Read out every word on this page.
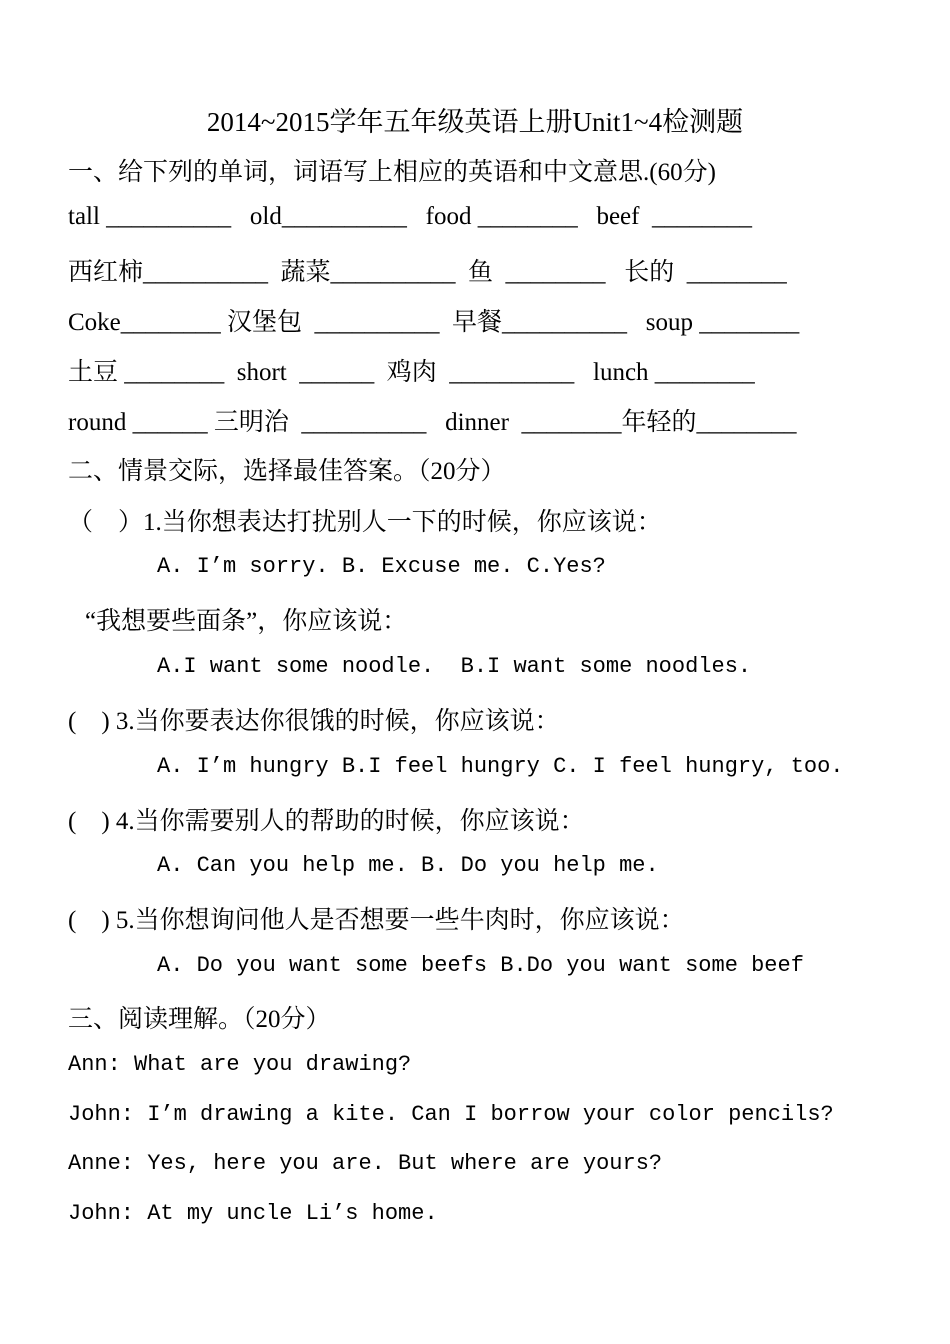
2014~2015学年五年级英语上册Unit1~4检测题
一、给下列的单词，词语写上相应的英语和中文意思.(60分)
tall __________   old__________   food ________   beef  ________
西红柿__________  蔬菜__________  鱼  ________   长的  ________
Coke________ 汉堡包  __________  早餐__________   soup ________
土豆 ________  short  ______  鸡肉  __________   lunch ________
round ______ 三明治  __________   dinner  ________年轻的________
二、情景交际，选择最佳答案。（20分）
（    ）1.当你想表达打扰别人一下的时候，你应该说：
A. I’m sorry. B. Excuse me. C.Yes?
“我想要些面条”，你应该说：
A.I want some noodle.  B.I want some noodles.
(    ) 3.当你要表达你很饿的时候，你应该说：
A. I’m hungry B.I feel hungry C. I feel hungry, too.
(    ) 4.当你需要别人的帮助的时候，你应该说：
A. Can you help me. B. Do you help me.
(    ) 5.当你想询问他人是否想要一些牛肉时，你应该说：
A. Do you want some beefs B.Do you want some beef
三、阅读理解。（20分）
Ann: What are you drawing?
John: I’m drawing a kite. Can I borrow your color pencils?
Anne: Yes, here you are. But where are yours?
John: At my uncle Li’s home.
